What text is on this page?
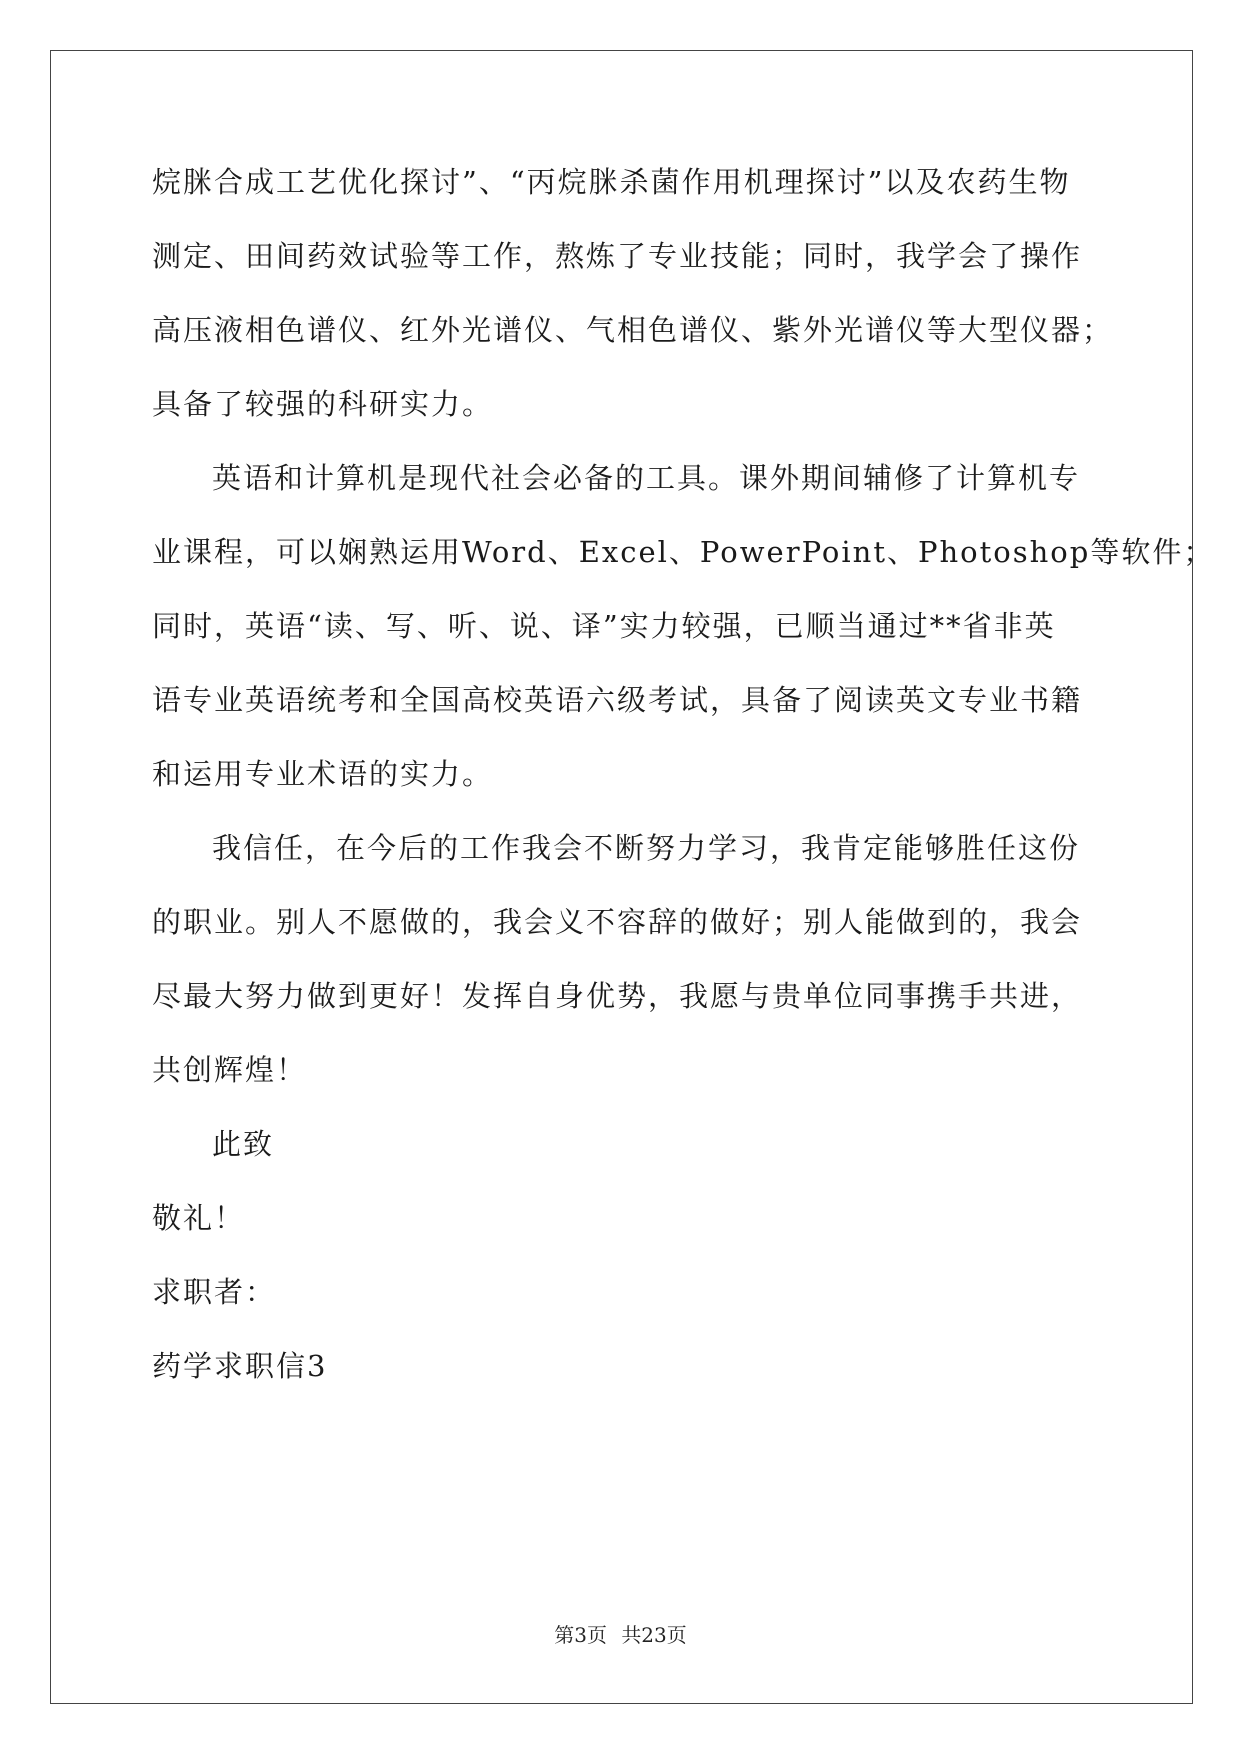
烷脒合成工艺优化探讨”、“丙烷脒杀菌作用机理探讨”以及农药生物
测定、田间药效试验等工作，熬炼了专业技能；同时，我学会了操作
高压液相色谱仪、红外光谱仪、气相色谱仪、紫外光谱仪等大型仪器；
具备了较强的科研实力。
英语和计算机是现代社会必备的工具。课外期间辅修了计算机专
业课程，可以娴熟运用Word、Excel、PowerPoint、Photoshop等软件；
同时，英语“读、写、听、说、译”实力较强，已顺当通过**省非英
语专业英语统考和全国高校英语六级考试，具备了阅读英文专业书籍
和运用专业术语的实力。
我信任，在今后的工作我会不断努力学习，我肯定能够胜任这份
的职业。别人不愿做的，我会义不容辞的做好；别人能做到的，我会
尽最大努力做到更好！发挥自身优势，我愿与贵单位同事携手共进，
共创辉煌！
此致
敬礼！
求职者：
药学求职信3
第3页 共23页
